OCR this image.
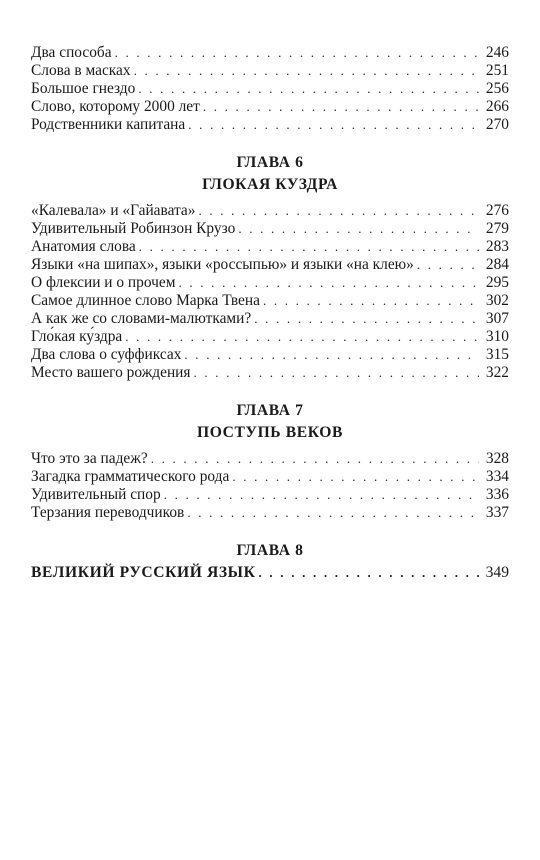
Два способа . . .	246
Слова в масках . . .	251
Большое гнездо . . .	256
Слово, которому 2000 лет . . .	266
Родственники капитана . . .	270
ГЛАВА 6
ГЛОКАЯ КУЗДРА
«Калевала» и «Гайавата» . . .	276
Удивительный Робинзон Крузо . . .	279
Анатомия слова . . .	283
Языки «на шипах», языки «россыпью» и языки «на клею» . . .	284
О флексии и о прочем . . .	295
Самое длинное слово Марка Твена . . .	302
А как же со словами-малютками? . . .	307
Гло́кая ку́здра . . .	310
Два слова о суффиксах . . .	315
Место вашего рождения . . .	322
ГЛАВА 7
ПОСТУПЬ ВЕКОВ
Что это за падеж? . . .	328
Загадка грамматического рода . . .	334
Удивительный спор . . .	336
Терзания переводчиков . . .	337
ГЛАВА 8
ВЕЛИКИЙ РУССКИЙ ЯЗЫК . . .	349
